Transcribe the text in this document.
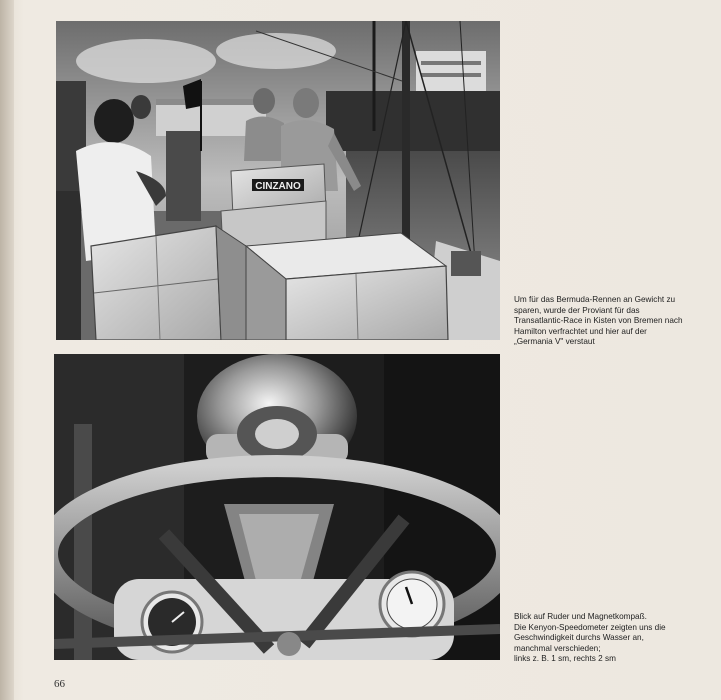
CINZANO

Um für das Bermuda-Rennen an Gewicht zu
sparen, wurde der Proviant für das
Transatlantic-Race in Kisten von Bremen nach
Hamilton verfrachtet und hier auf der
„Germania V" verstaut

Blick auf Ruder und Magnetkompaß.
Die Kenyon-Speedometer zeigten uns die
Geschwindigkeit durchs Wasser an,
manchmal verschieden;
links z. B. 1 sm, rechts 2 sm

66
